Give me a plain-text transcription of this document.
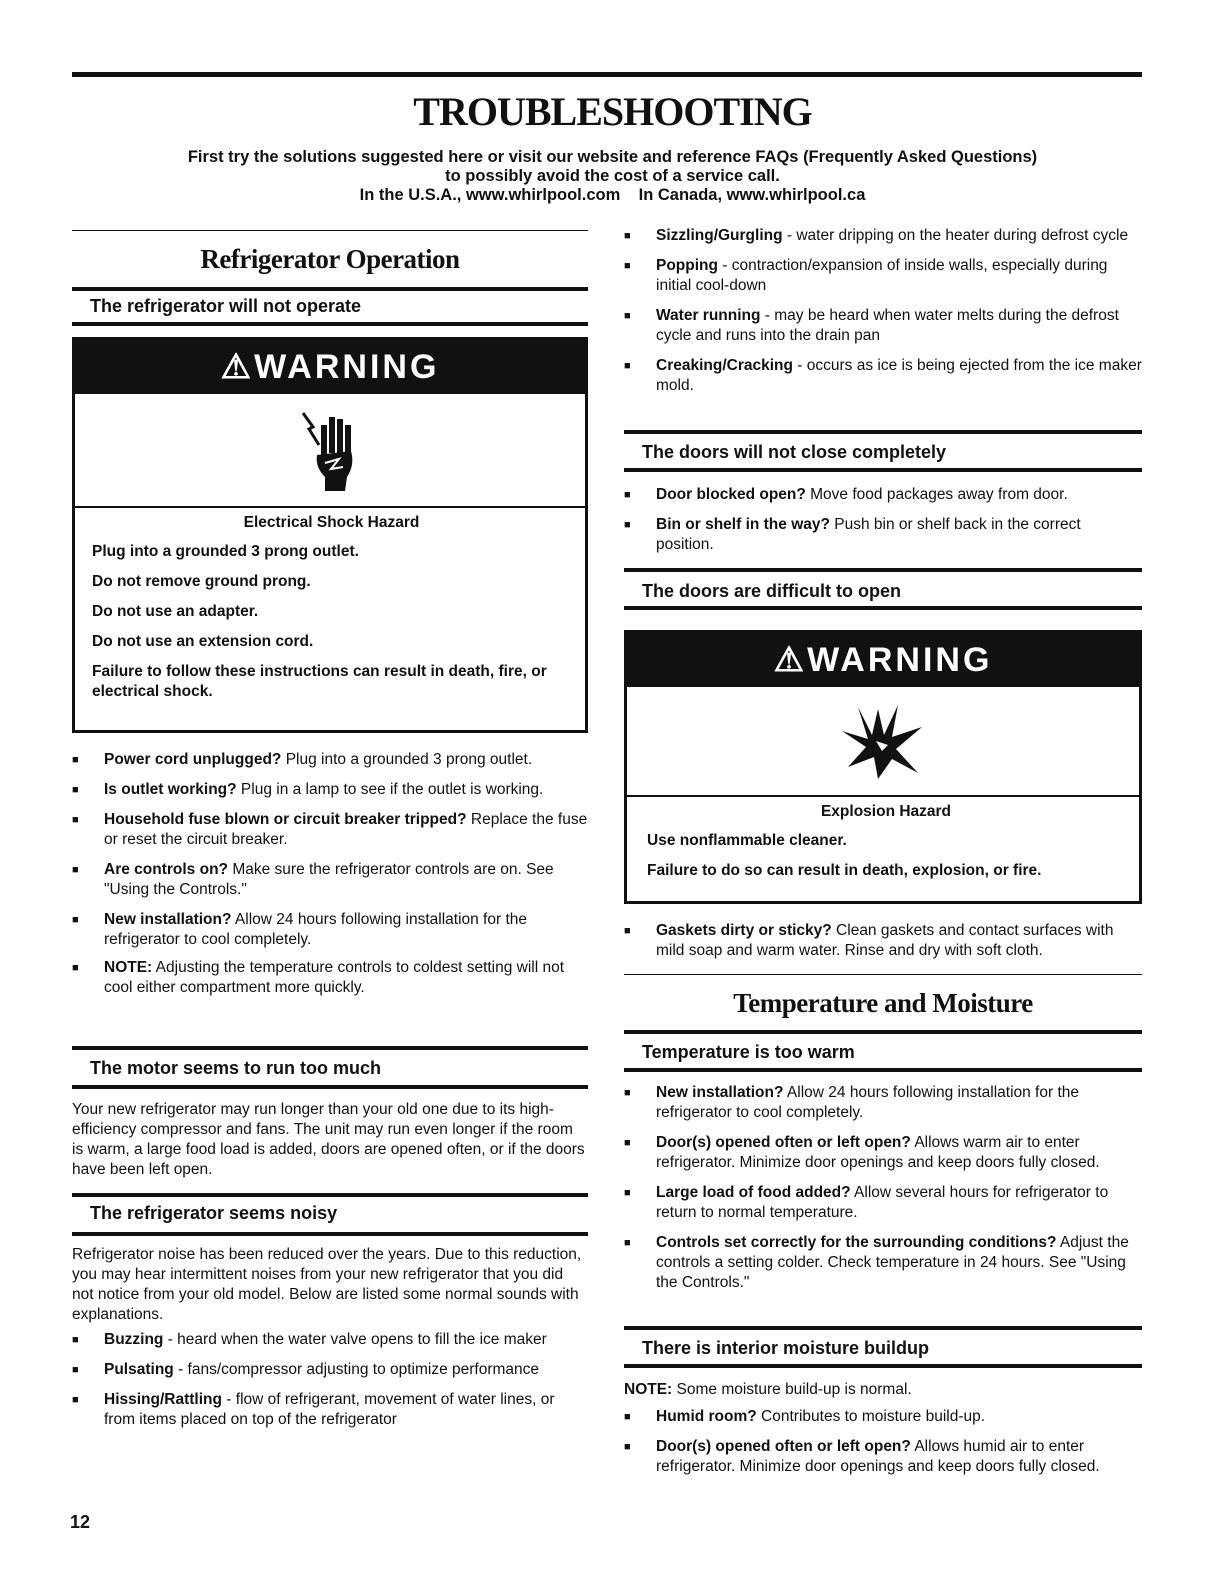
TROUBLESHOOTING
First try the solutions suggested here or visit our website and reference FAQs (Frequently Asked Questions)
to possibly avoid the cost of a service call.
In the U.S.A., www.whirlpool.com    In Canada, www.whirlpool.ca
Refrigerator Operation
The refrigerator will not operate
⚠WARNING
Electrical Shock Hazard

Plug into a grounded 3 prong outlet.

Do not remove ground prong.

Do not use an adapter.

Do not use an extension cord.

Failure to follow these instructions can result in death, fire, or electrical shock.

■ Power cord unplugged? Plug into a grounded 3 prong outlet.
■ Is outlet working? Plug in a lamp to see if the outlet is working.
■ Household fuse blown or circuit breaker tripped? Replace the fuse or reset the circuit breaker.
■ Are controls on? Make sure the refrigerator controls are on. See "Using the Controls."
■ New installation? Allow 24 hours following installation for the refrigerator to cool completely.
■ NOTE: Adjusting the temperature controls to coldest setting will not cool either compartment more quickly.
The motor seems to run too much
Your new refrigerator may run longer than your old one due to its high-efficiency compressor and fans. The unit may run even longer if the room is warm, a large food load is added, doors are opened often, or if the doors have been left open.
The refrigerator seems noisy
Refrigerator noise has been reduced over the years. Due to this reduction, you may hear intermittent noises from your new refrigerator that you did not notice from your old model. Below are listed some normal sounds with explanations.
■ Buzzing - heard when the water valve opens to fill the ice maker
■ Pulsating - fans/compressor adjusting to optimize performance
■ Hissing/Rattling - flow of refrigerant, movement of water lines, or from items placed on top of the refrigerator
12
■ Sizzling/Gurgling - water dripping on the heater during defrost cycle
■ Popping - contraction/expansion of inside walls, especially during initial cool-down
■ Water running - may be heard when water melts during the defrost cycle and runs into the drain pan
■ Creaking/Cracking - occurs as ice is being ejected from the ice maker mold.
The doors will not close completely
■ Door blocked open? Move food packages away from door.
■ Bin or shelf in the way? Push bin or shelf back in the correct position.
The doors are difficult to open
⚠WARNING
Explosion Hazard

Use nonflammable cleaner.

Failure to do so can result in death, explosion, or fire.

■ Gaskets dirty or sticky? Clean gaskets and contact surfaces with mild soap and warm water. Rinse and dry with soft cloth.
Temperature and Moisture
Temperature is too warm
■ New installation? Allow 24 hours following installation for the refrigerator to cool completely.
■ Door(s) opened often or left open? Allows warm air to enter refrigerator. Minimize door openings and keep doors fully closed.
■ Large load of food added? Allow several hours for refrigerator to return to normal temperature.
■ Controls set correctly for the surrounding conditions? Adjust the controls a setting colder. Check temperature in 24 hours. See "Using the Controls."
There is interior moisture buildup
NOTE: Some moisture build-up is normal.
■ Humid room? Contributes to moisture build-up.
■ Door(s) opened often or left open? Allows humid air to enter refrigerator. Minimize door openings and keep doors fully closed.
